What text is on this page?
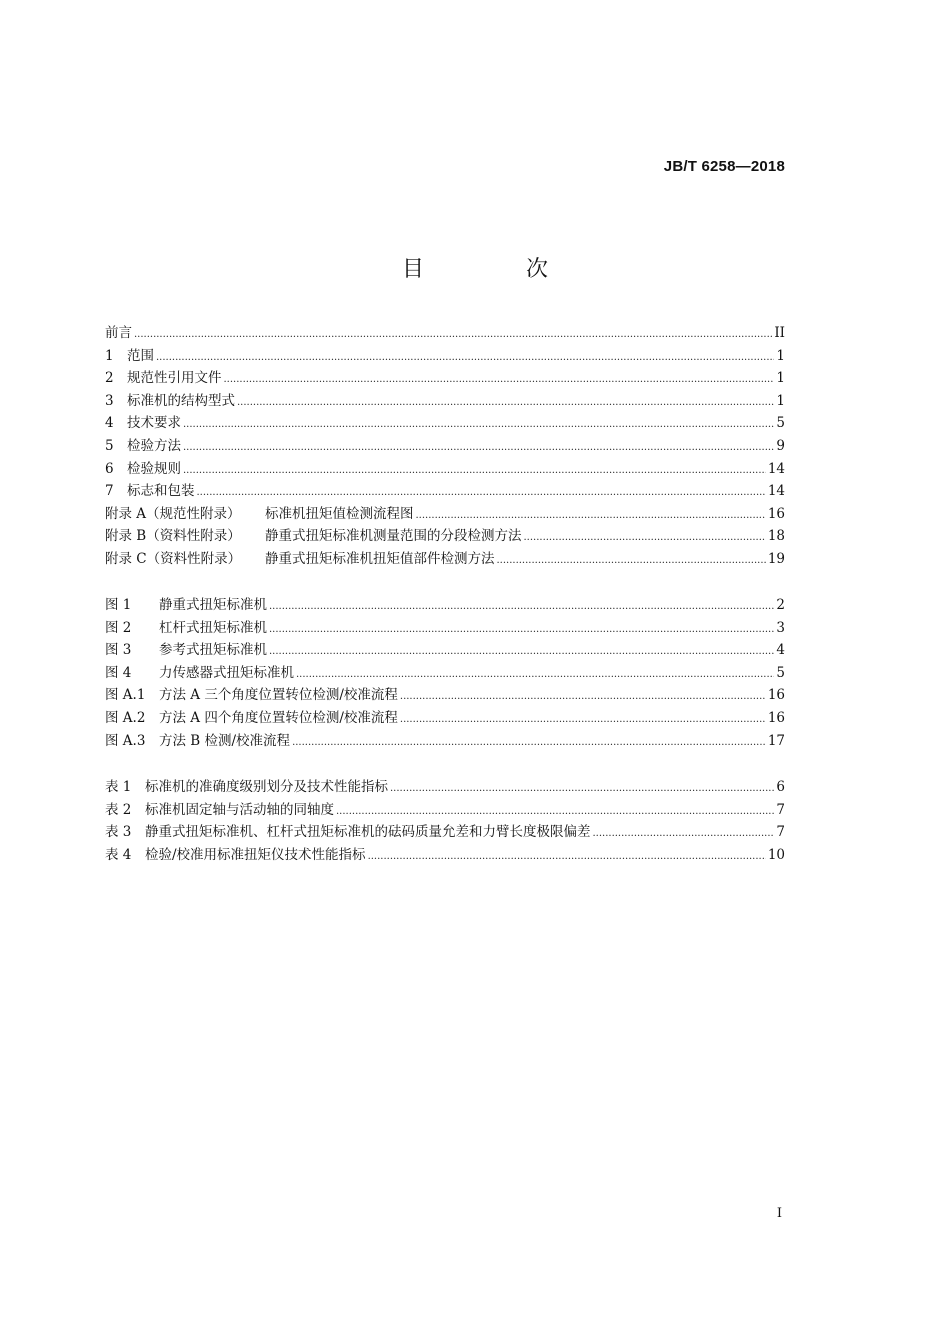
JB/T 6258—2018
目　次
前言 .....	II
1 范围 .....	1
2 规范性引用文件 .....	1
3 标准机的结构型式 .....	1
4 技术要求 .....	5
5 检验方法 .....	9
6 检验规则 .....	14
7 标志和包装 .....	14
附录 A（规范性附录）	标准机扭矩值检测流程图 .....	16
附录 B（资料性附录）	静重式扭矩标准机测量范围的分段检测方法 .....	18
附录 C（资料性附录）	静重式扭矩标准机扭矩值部件检测方法 .....	19
图 1	静重式扭矩标准机 .....	2
图 2	杠杆式扭矩标准机 .....	3
图 3	参考式扭矩标准机 .....	4
图 4	力传感器式扭矩标准机 .....	5
图 A.1	方法 A 三个角度位置转位检测/校准流程 .....	16
图 A.2	方法 A 四个角度位置转位检测/校准流程 .....	16
图 A.3	方法 B 检测/校准流程 .....	17
表 1	标准机的准确度级别划分及技术性能指标 .....	6
表 2	标准机固定轴与活动轴的同轴度 .....	7
表 3	静重式扭矩标准机、杠杆式扭矩标准机的砝码质量允差和力臂长度极限偏差 .....	7
表 4	检验/校准用标准扭矩仪技术性能指标 .....	10
I
